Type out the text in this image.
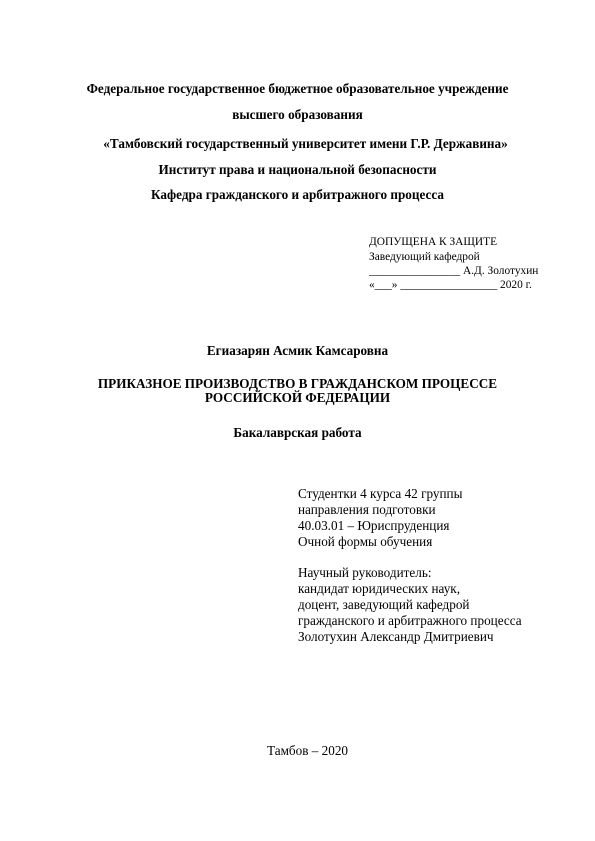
Федеральное государственное бюджетное образовательное учреждение
высшего образования
«Тамбовский государственный университет имени Г.Р. Державина»
Институт права и национальной безопасности
Кафедра гражданского и арбитражного процесса
ДОПУЩЕНА К ЗАЩИТЕ
Заведующий кафедрой
________________ А.Д. Золотухин
«___» _________________ 2020 г.
Егиазарян Асмик Камсаровна
ПРИКАЗНОЕ ПРОИЗВОДСТВО В ГРАЖДАНСКОМ ПРОЦЕССЕ
РОССИЙСКОЙ ФЕДЕРАЦИИ
Бакалаврская работа
Студентки 4 курса 42 группы
направления подготовки
40.03.01 – Юриспруденция
Очной формы обучения
Научный руководитель:
кандидат юридических наук,
доцент, заведующий кафедрой
гражданского и арбитражного процесса
Золотухин Александр Дмитриевич
Тамбов – 2020
